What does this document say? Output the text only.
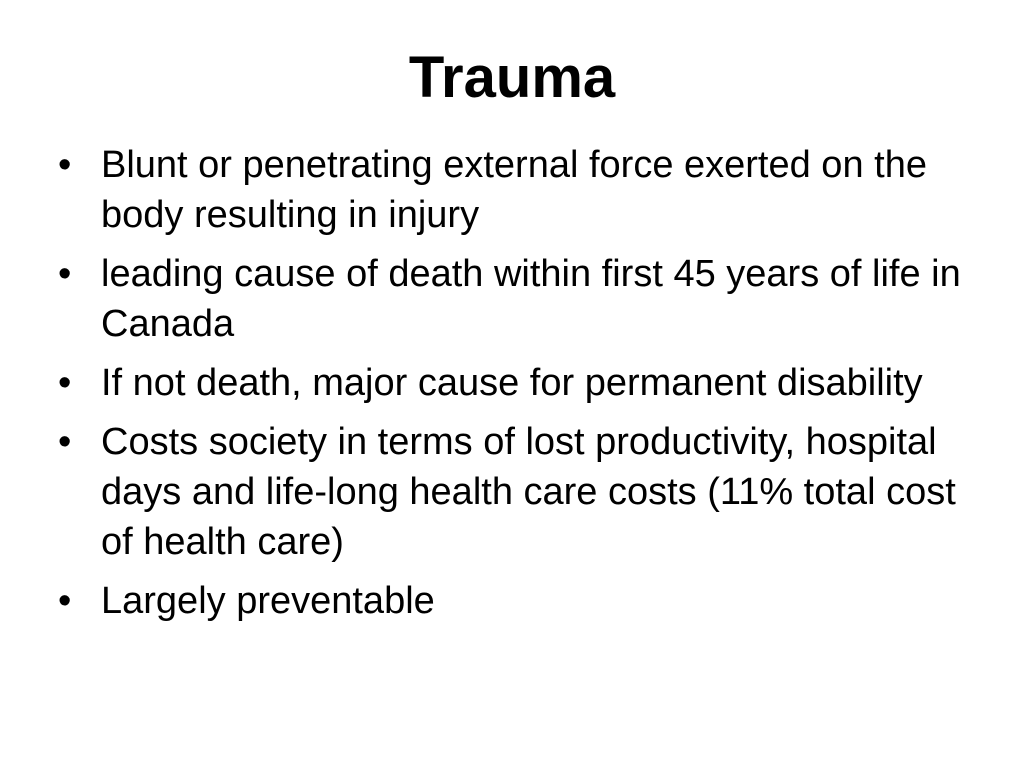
Trauma
• Blunt or penetrating external force exerted on the body resulting in injury
• leading cause of death within first 45 years of life in Canada
• If not death, major cause for permanent disability
• Costs society in terms of lost productivity, hospital days and life-long health care costs (11% total cost of health care)
• Largely preventable
